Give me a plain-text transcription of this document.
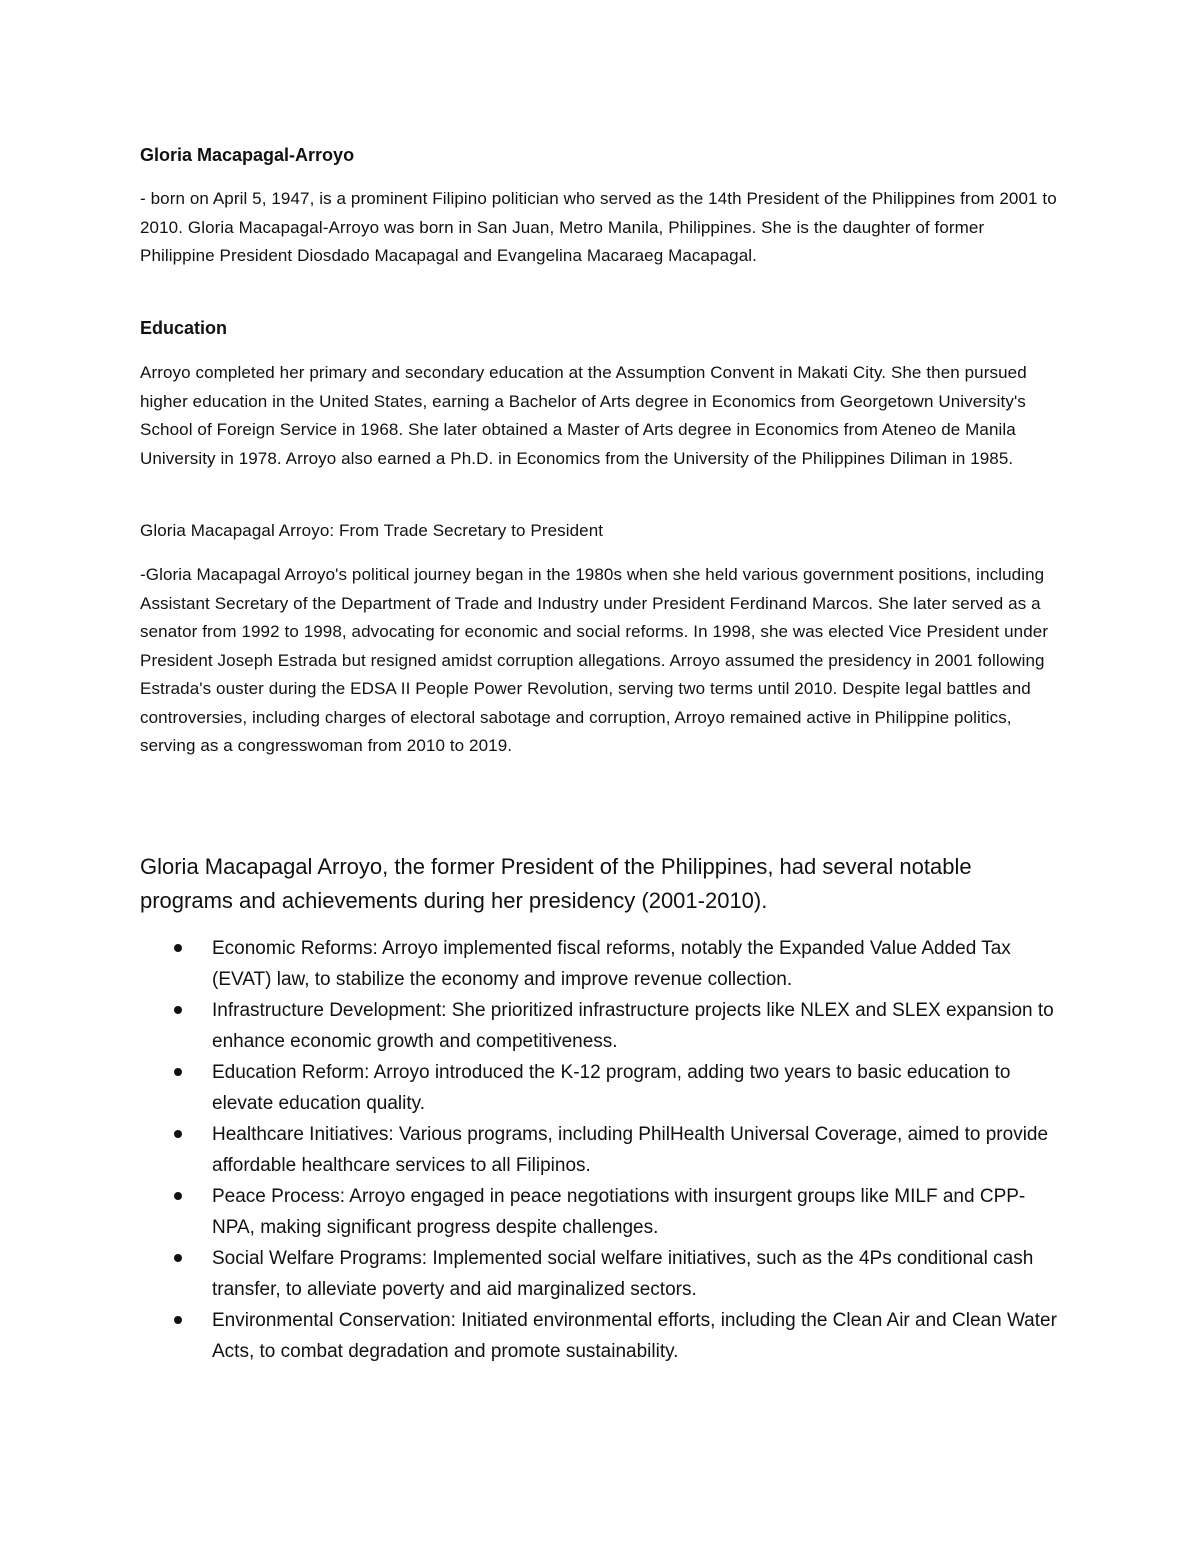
Gloria Macapagal-Arroyo
- born on April 5, 1947, is a prominent Filipino politician who served as the 14th President of the Philippines from 2001 to 2010. Gloria Macapagal-Arroyo was born in San Juan, Metro Manila, Philippines. She is the daughter of former Philippine President Diosdado Macapagal and Evangelina Macaraeg Macapagal.
Education
Arroyo completed her primary and secondary education at the Assumption Convent in Makati City. She then pursued higher education in the United States, earning a Bachelor of Arts degree in Economics from Georgetown University's School of Foreign Service in 1968. She later obtained a Master of Arts degree in Economics from Ateneo de Manila University in 1978. Arroyo also earned a Ph.D. in Economics from the University of the Philippines Diliman in 1985.
Gloria Macapagal Arroyo: From Trade Secretary to President
-Gloria Macapagal Arroyo's political journey began in the 1980s when she held various government positions, including Assistant Secretary of the Department of Trade and Industry under President Ferdinand Marcos. She later served as a senator from 1992 to 1998, advocating for economic and social reforms. In 1998, she was elected Vice President under President Joseph Estrada but resigned amidst corruption allegations. Arroyo assumed the presidency in 2001 following Estrada's ouster during the EDSA II People Power Revolution, serving two terms until 2010. Despite legal battles and controversies, including charges of electoral sabotage and corruption, Arroyo remained active in Philippine politics, serving as a congresswoman from 2010 to 2019.
Gloria Macapagal Arroyo, the former President of the Philippines, had several notable programs and achievements during her presidency (2001-2010).
Economic Reforms: Arroyo implemented fiscal reforms, notably the Expanded Value Added Tax (EVAT) law, to stabilize the economy and improve revenue collection.
Infrastructure Development: She prioritized infrastructure projects like NLEX and SLEX expansion to enhance economic growth and competitiveness.
Education Reform: Arroyo introduced the K-12 program, adding two years to basic education to elevate education quality.
Healthcare Initiatives: Various programs, including PhilHealth Universal Coverage, aimed to provide affordable healthcare services to all Filipinos.
Peace Process: Arroyo engaged in peace negotiations with insurgent groups like MILF and CPP-NPA, making significant progress despite challenges.
Social Welfare Programs: Implemented social welfare initiatives, such as the 4Ps conditional cash transfer, to alleviate poverty and aid marginalized sectors.
Environmental Conservation: Initiated environmental efforts, including the Clean Air and Clean Water Acts, to combat degradation and promote sustainability.
